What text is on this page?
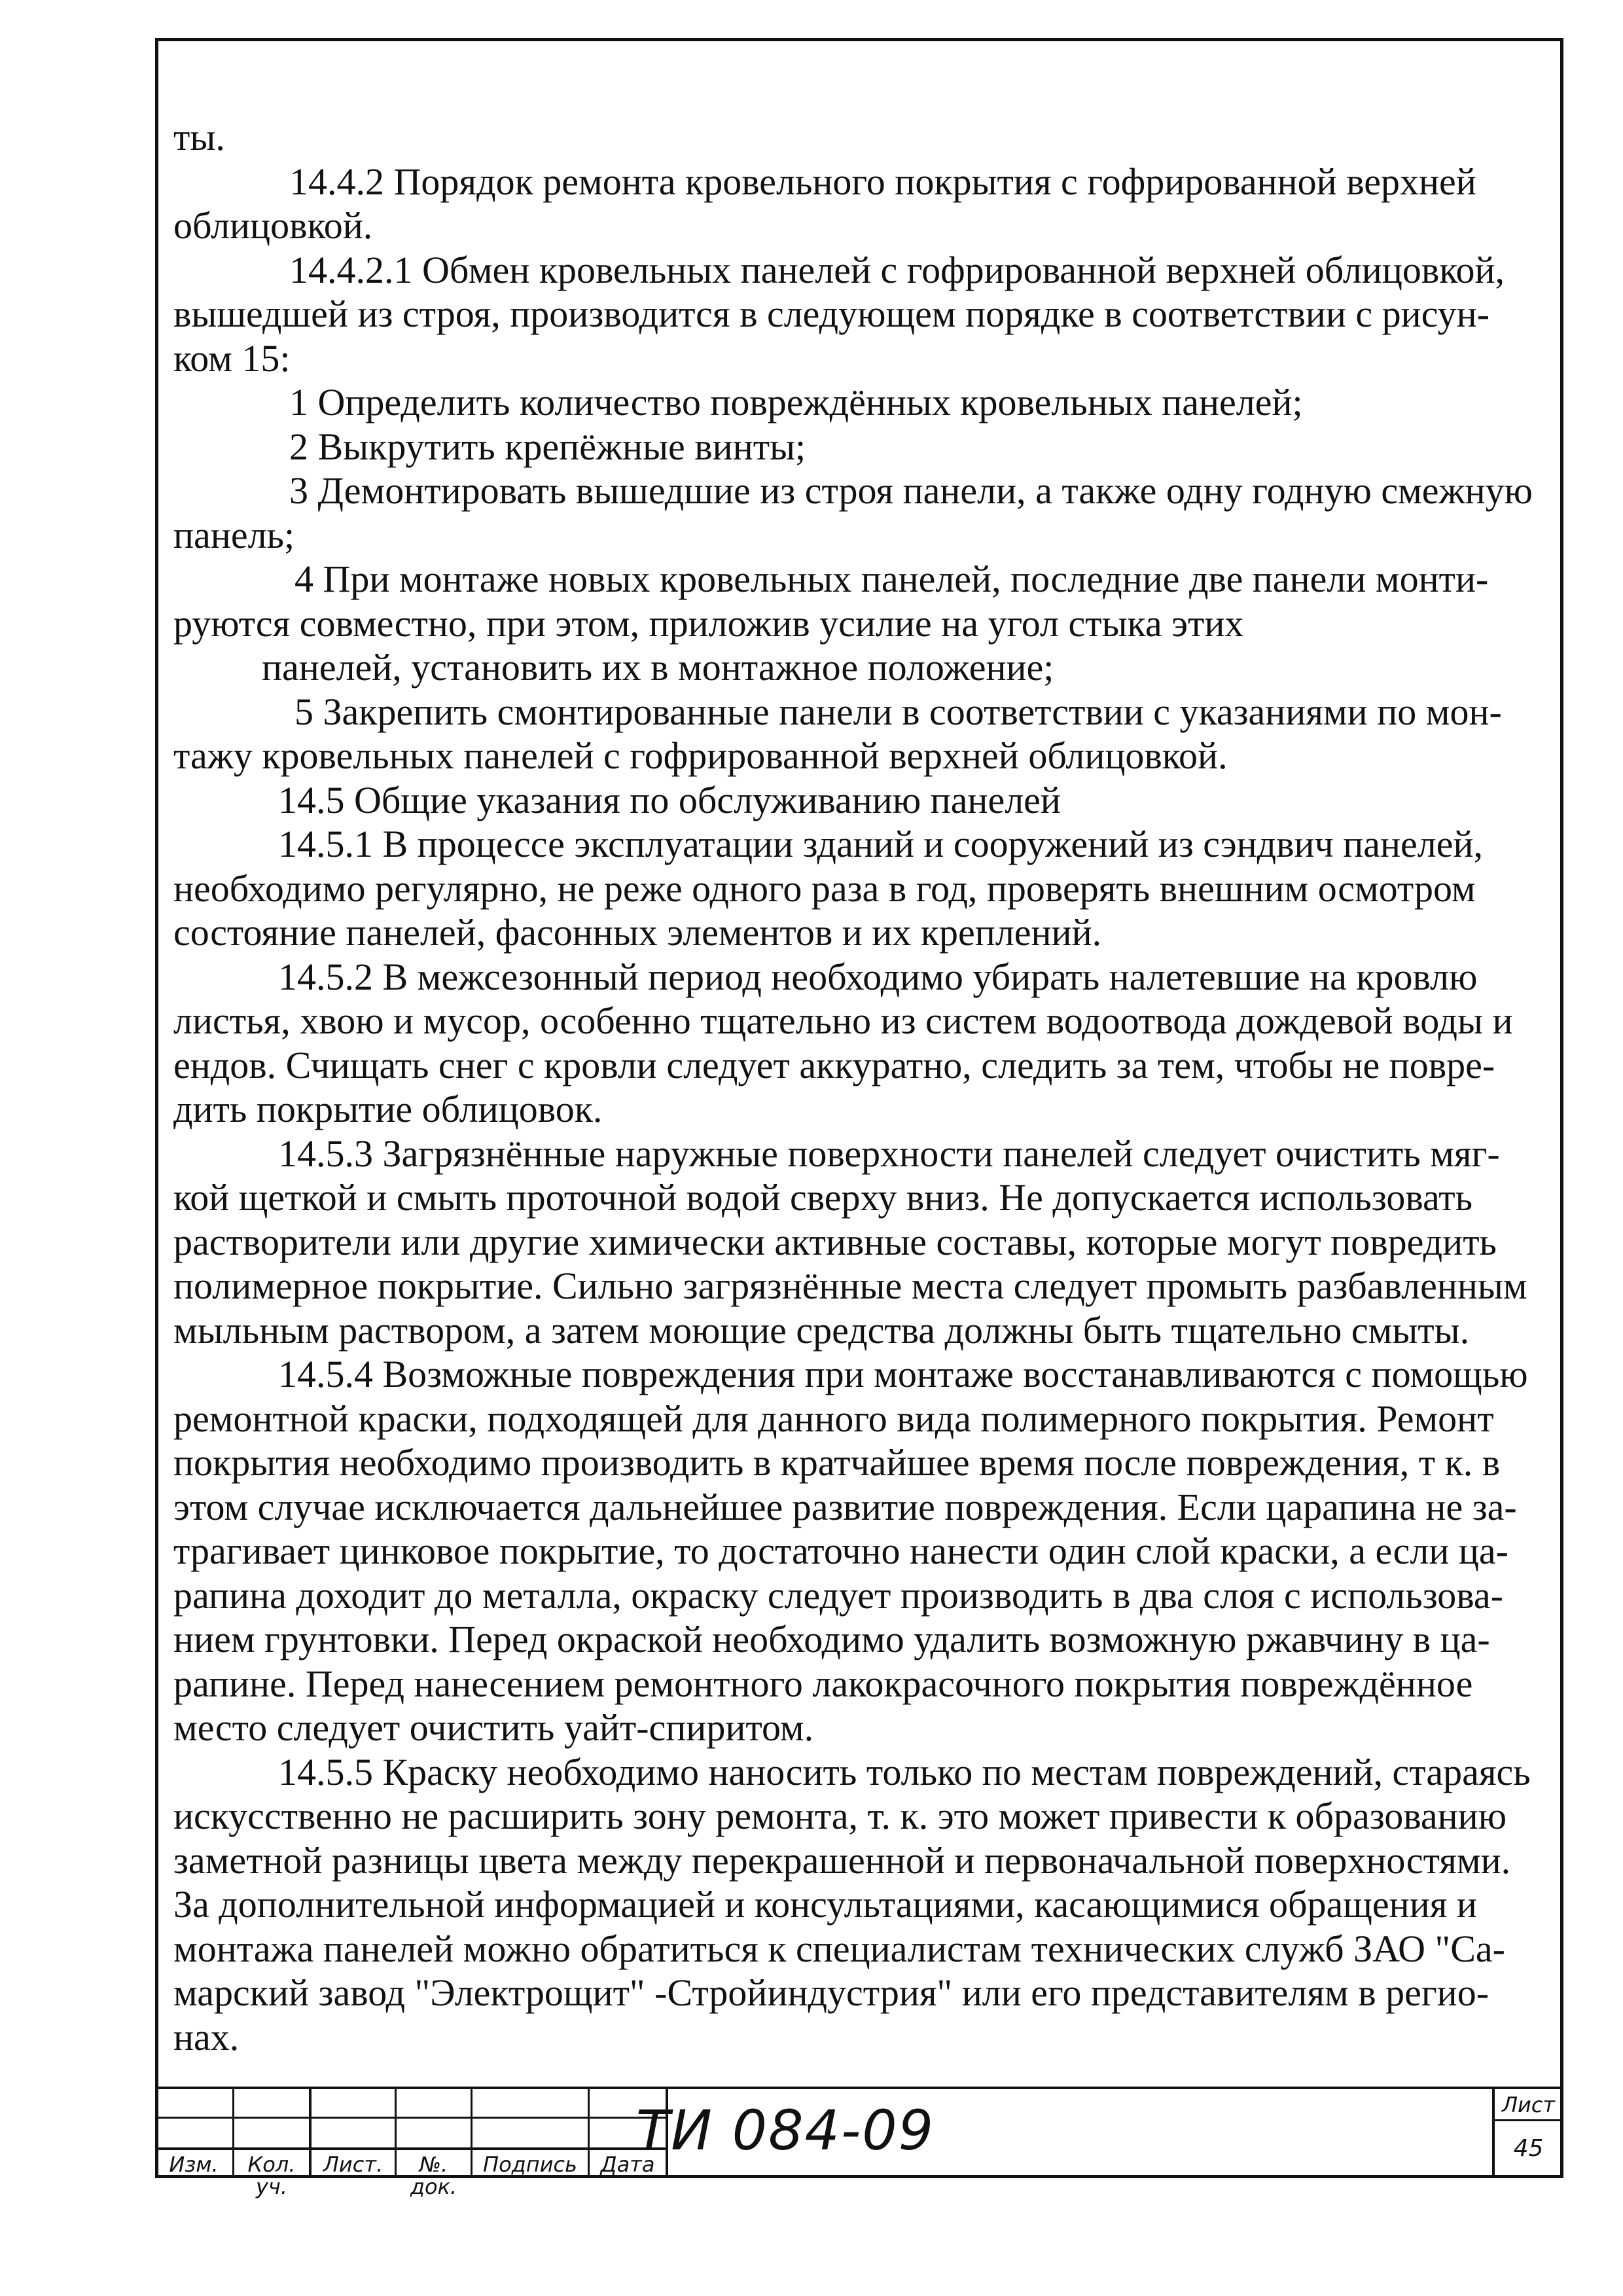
ты.
14.4.2 Порядок ремонта кровельного покрытия с гофрированной верхней
облицовкой.
14.4.2.1 Обмен кровельных панелей с гофрированной верхней облицовкой,
вышедшей из строя, производится в следующем порядке в соответствии с рисун-
ком 15:
1 Определить количество повреждённых кровельных панелей;
2 Выкрутить крепёжные винты;
3 Демонтировать вышедшие из строя панели, а также одну годную смежную
панель;
4 При монтаже новых кровельных панелей, последние две панели монти-
руются совместно, при этом, приложив усилие на угол стыка этих
панелей, установить их в монтажное положение;
5 Закрепить смонтированные панели в соответствии с указаниями по мон-
тажу кровельных панелей с гофрированной верхней облицовкой.
14.5 Общие указания по обслуживанию панелей
14.5.1 В процессе эксплуатации зданий и сооружений из сэндвич панелей,
необходимо регулярно, не реже одного раза в год, проверять внешним осмотром
состояние панелей, фасонных элементов и их креплений.
14.5.2 В межсезонный период необходимо убирать налетевшие на кровлю
листья, хвою и мусор, особенно тщательно из систем водоотвода дождевой воды и
ендов. Счищать снег с кровли следует аккуратно, следить за тем, чтобы не повре-
дить покрытие облицовок.
14.5.3 Загрязнённые наружные поверхности панелей следует очистить мяг-
кой щеткой и смыть проточной водой сверху вниз. Не допускается использовать
растворители или другие химически активные составы, которые могут повредить
полимерное покрытие. Сильно загрязнённые места следует промыть разбавленным
мыльным раствором, а затем моющие средства должны быть тщательно смыты.
14.5.4 Возможные повреждения при монтаже восстанавливаются с помощью
ремонтной краски, подходящей для данного вида полимерного покрытия. Ремонт
покрытия необходимо производить в кратчайшее время после повреждения, т к. в
этом случае исключается дальнейшее развитие повреждения. Если царапина не за-
трагивает цинковое покрытие, то достаточно нанести один слой краски, а если ца-
рапина доходит до металла, окраску следует производить в два слоя с использова-
нием грунтовки. Перед окраской необходимо удалить возможную ржавчину в ца-
рапине. Перед нанесением ремонтного лакокрасочного покрытия повреждённое
место следует очистить уайт-спиритом.
14.5.5 Краску необходимо наносить только по местам повреждений, стараясь
искусственно не расширить зону ремонта, т. к. это может привести к образованию
заметной разницы цвета между перекрашенной и первоначальной поверхностями.
За дополнительной информацией и консультациями, касающимися обращения и
монтажа панелей можно обратиться к специалистам технических служб ЗАО "Са-
марский завод "Электрощит" -Стройиндустрия" или его представителям в регио-
нах.
Изм.	Кол. уч.
Лист.	№. док.
Подпись	Дата
ТИ 084-09	Лист
45
